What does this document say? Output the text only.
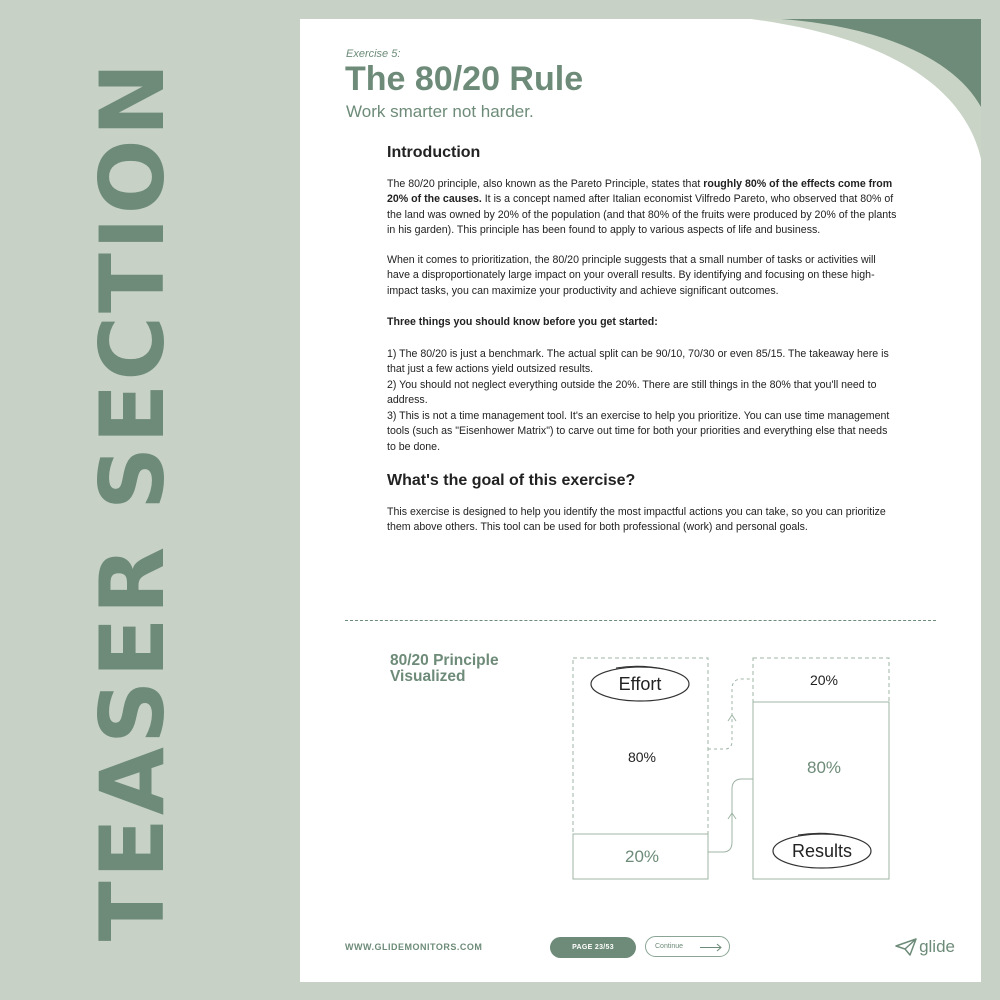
TEASER SECTION
Exercise 5:
The 80/20 Rule
Work smarter not harder.
Introduction

The 80/20 principle, also known as the Pareto Principle, states that roughly 80% of the effects come from 20% of the causes. It is a concept named after Italian economist Vilfredo Pareto, who observed that 80% of the land was owned by 20% of the population (and that 80% of the fruits were produced by 20% of the plants in his garden). This principle has been found to apply to various aspects of life and business.

When it comes to prioritization, the 80/20 principle suggests that a small number of tasks or activities will have a disproportionately large impact on your overall results. By identifying and focusing on these high-impact tasks, you can maximize your productivity and achieve significant outcomes.

Three things you should know before you get started:

1) The 80/20 is just a benchmark. The actual split can be 90/10, 70/30 or even 85/15. The takeaway here is that just a few actions yield outsized results.

2) You should not neglect everything outside the 20%. There are still things in the 80% that you'll need to address.

3) This is not a time management tool. It's an exercise to help you prioritize. You can use time management tools (such as "Eisenhower Matrix") to carve out time for both your priorities and everything else that needs to be done.

What's the goal of this exercise?

This exercise is designed to help you identify the most impactful actions you can take, so you can prioritize them above others. This tool can be used for both professional (work) and personal goals.

80/20 Principle Visualized	Effort
80%
20%
20%
80%
Results
WWW.GLIDEMONITORS.COM	PAGE 23/53	Continue	glide
